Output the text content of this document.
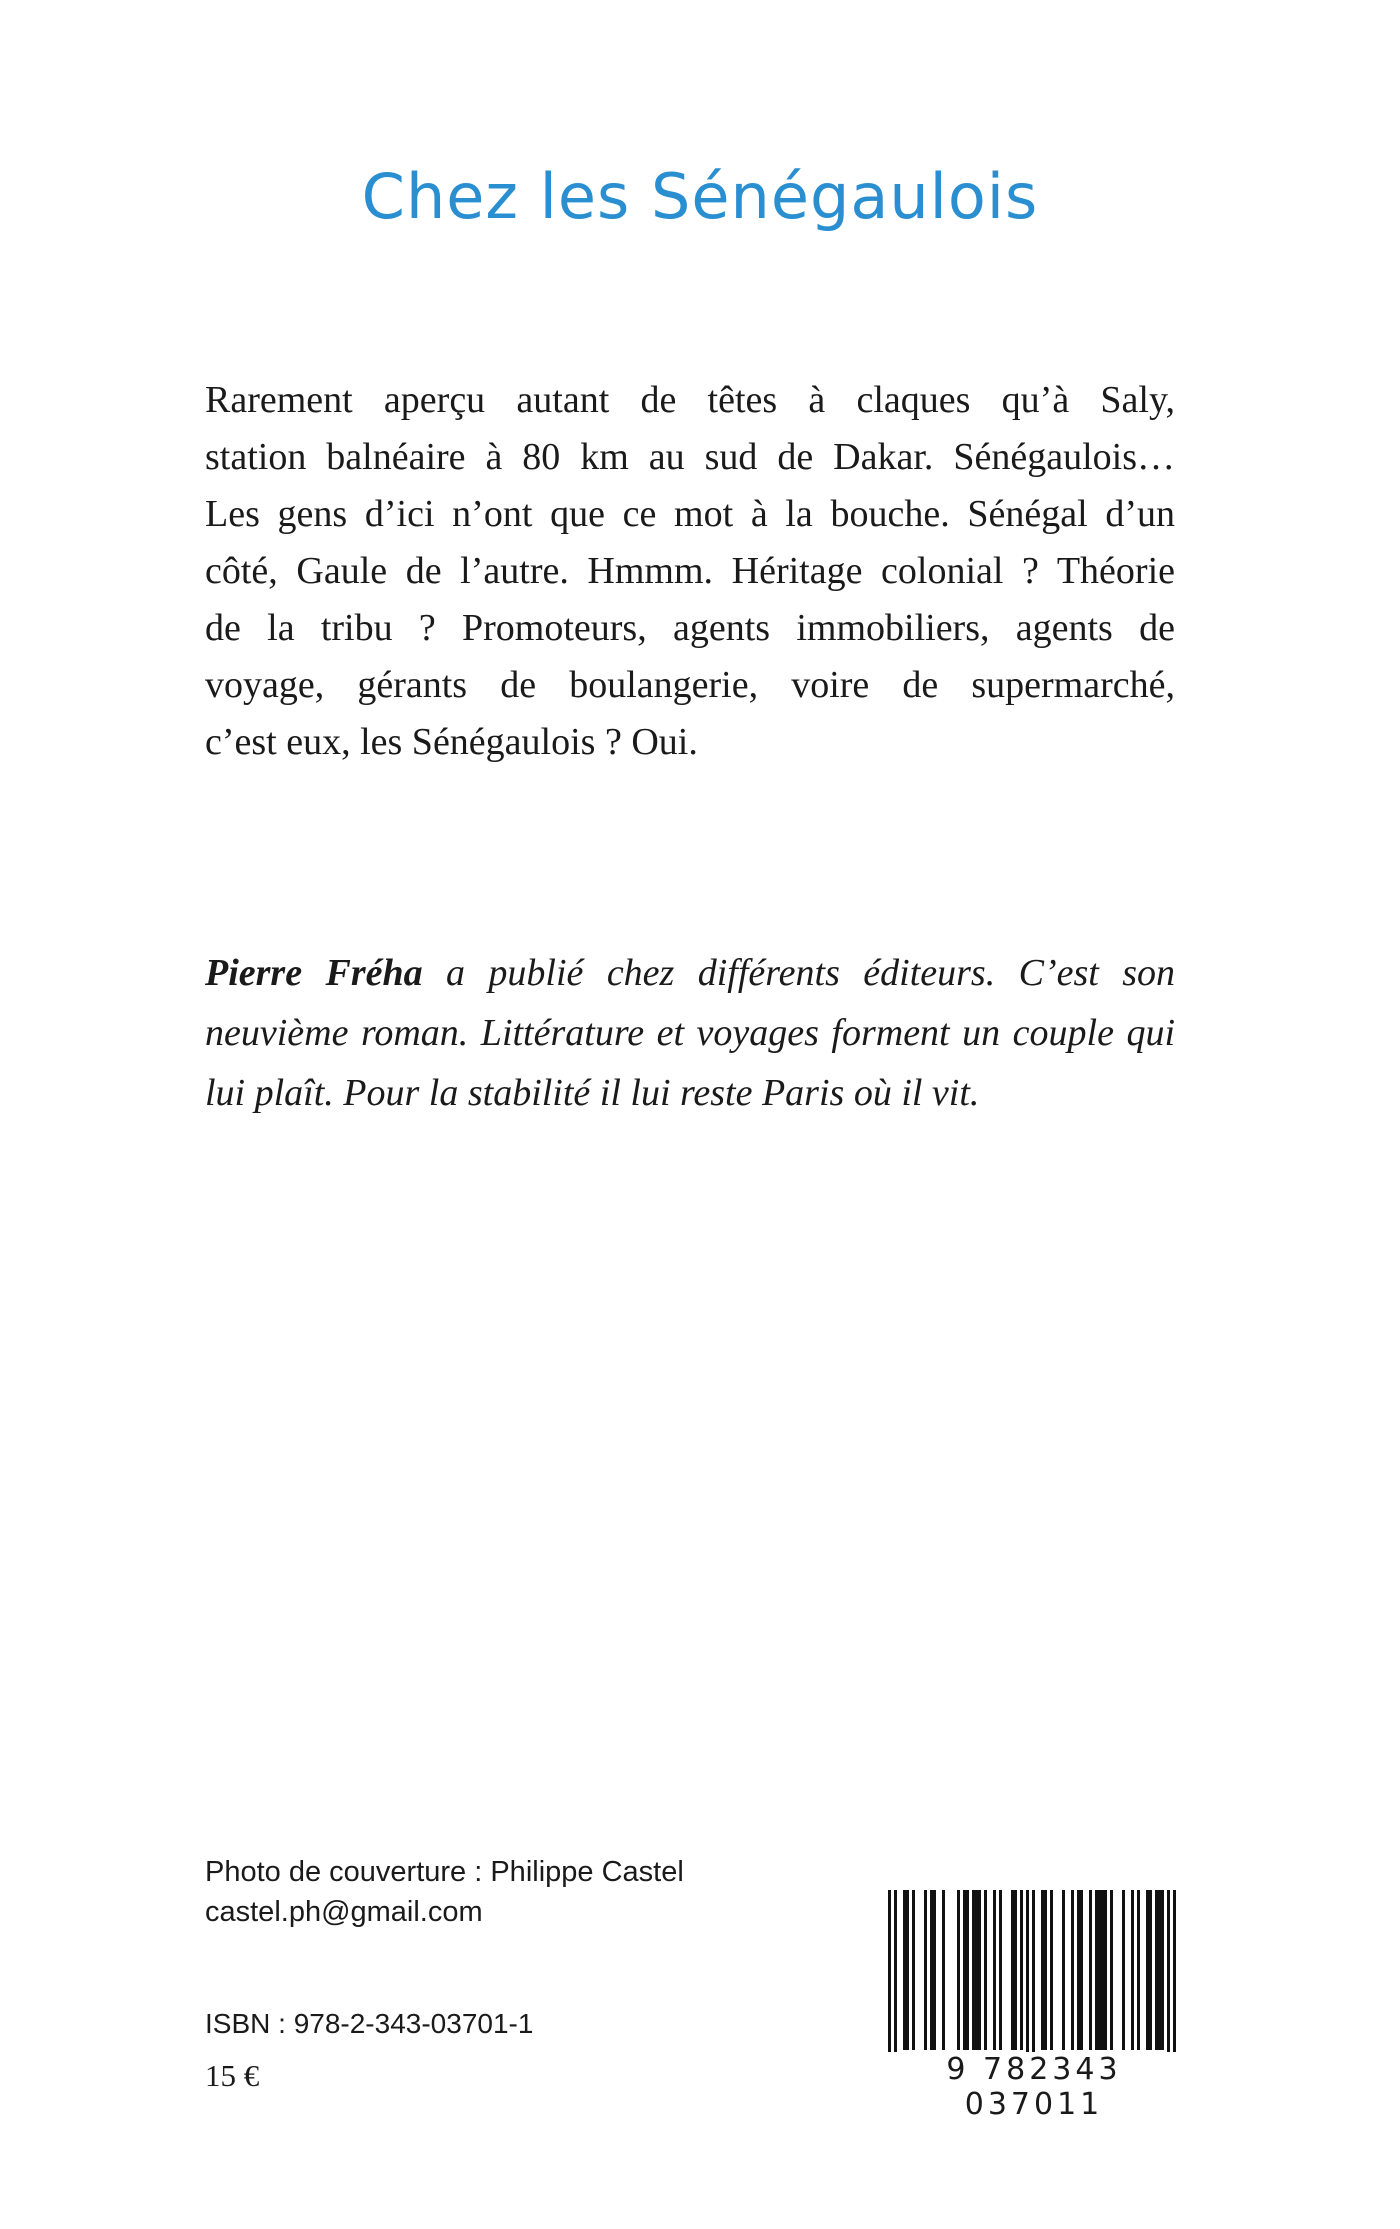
Chez les Sénégaulois
Rarement aperçu autant de têtes à claques qu’à Saly,
station balnéaire à 80 km au sud de Dakar. Sénégaulois…
Les gens d’ici n’ont que ce mot à la bouche. Sénégal d’un
côté, Gaule de l’autre. Hmmm. Héritage colonial ? Théorie
de la tribu ? Promoteurs, agents immobiliers, agents de
voyage, gérants de boulangerie, voire de supermarché,
c’est eux, les Sénégaulois ? Oui.
Pierre Fréha a publié chez différents éditeurs. C’est son
neuvième roman. Littérature et voyages forment un couple qui
lui plaît. Pour la stabilité il lui reste Paris où il vit.
Photo de couverture : Philippe Castel
castel.ph@gmail.com
ISBN : 978-2-343-03701-1
15 €	9 782343 037011
